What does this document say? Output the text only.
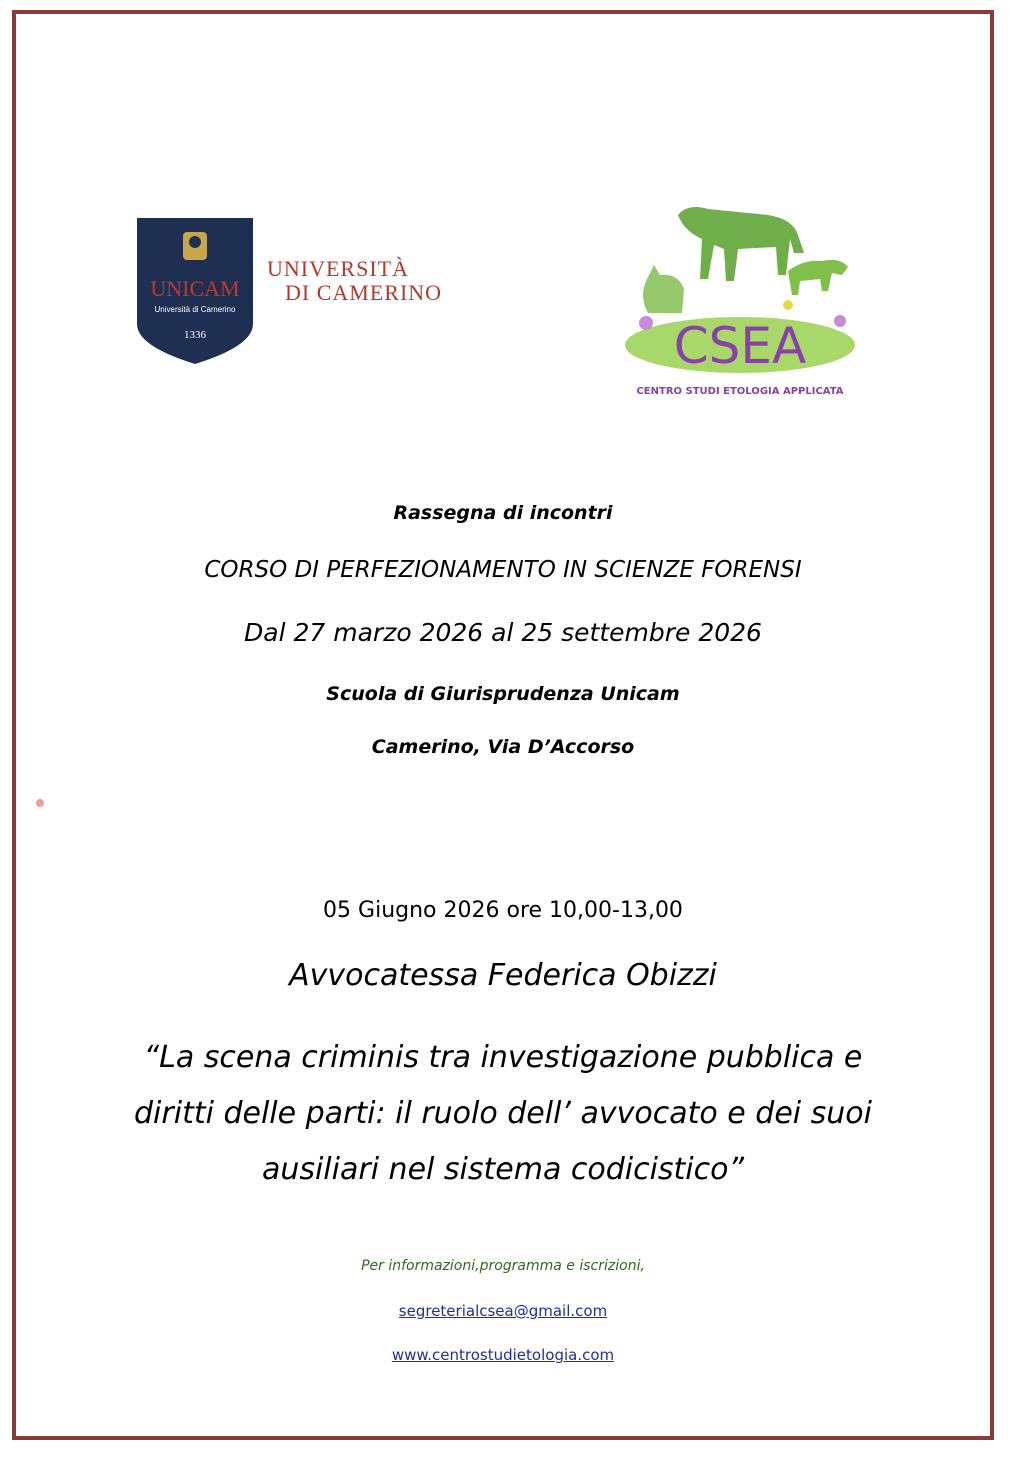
UNICAM
Università di Camerino
1336
UNIVERSITÀ
DI CAMERINO
CSEA
CENTRO STUDI ETOLOGIA APPLICATA
Rassegna di incontri
CORSO DI PERFEZIONAMENTO IN SCIENZE FORENSI
Dal 27 marzo 2026 al 25 settembre 2026
Scuola di Giurisprudenza Unicam
Camerino, Via D’Accorso
05 Giugno 2026 ore 10,00-13,00
Avvocatessa Federica Obizzi
“La scena criminis tra investigazione pubblica e
diritti delle parti: il ruolo dell’ avvocato e dei suoi
ausiliari nel sistema codicistico”
Per informazioni,programma e iscrizioni,
segreterialcsea@gmail.com
www.centrostudietologia.com
